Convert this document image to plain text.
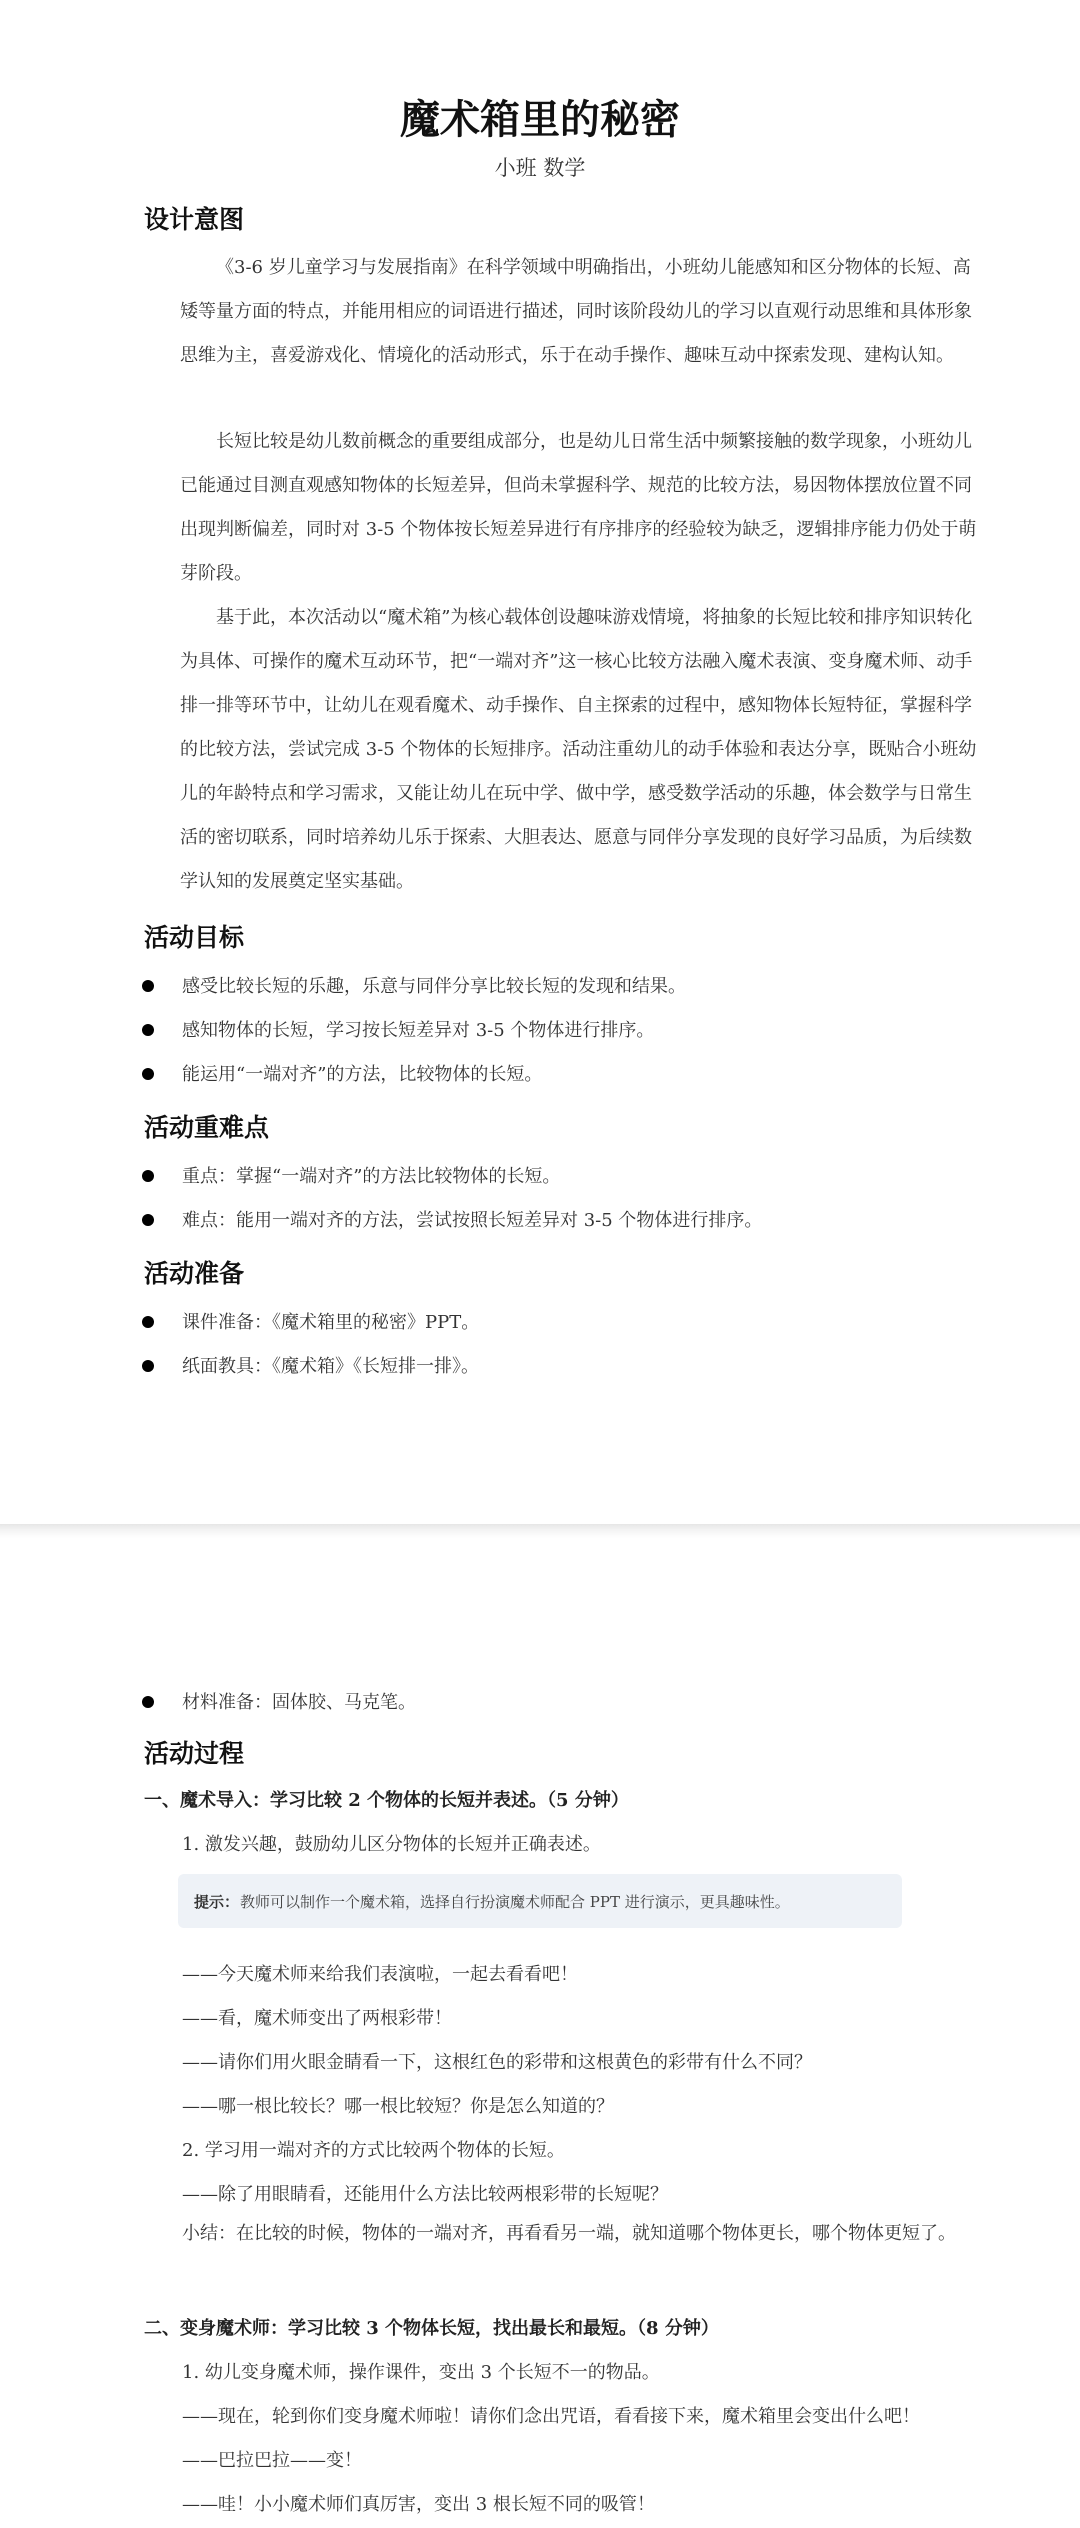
魔术箱里的秘密
小班 数学
设计意图

《3-6 岁儿童学习与发展指南》在科学领域中明确指出，小班幼儿能感知和区分物体的长短、高矮等量方面的特点，并能用相应的词语进行描述，同时该阶段幼儿的学习以直观行动思维和具体形象思维为主，喜爱游戏化、情境化的活动形式，乐于在动手操作、趣味互动中探索发现、建构认知。

长短比较是幼儿数前概念的重要组成部分，也是幼儿日常生活中频繁接触的数学现象，小班幼儿已能通过目测直观感知物体的长短差异，但尚未掌握科学、规范的比较方法，易因物体摆放位置不同出现判断偏差，同时对 3-5 个物体按长短差异进行有序排序的经验较为缺乏，逻辑排序能力仍处于萌芽阶段。

基于此，本次活动以“魔术箱”为核心载体创设趣味游戏情境，将抽象的长短比较和排序知识转化为具体、可操作的魔术互动环节，把“一端对齐”这一核心比较方法融入魔术表演、变身魔术师、动手排一排等环节中，让幼儿在观看魔术、动手操作、自主探索的过程中，感知物体长短特征，掌握科学的比较方法，尝试完成 3-5 个物体的长短排序。活动注重幼儿的动手体验和表达分享，既贴合小班幼儿的年龄特点和学习需求，又能让幼儿在玩中学、做中学，感受数学活动的乐趣，体会数学与日常生活的密切联系，同时培养幼儿乐于探索、大胆表达、愿意与同伴分享发现的良好学习品质，为后续数学认知的发展奠定坚实基础。

活动目标
感受比较长短的乐趣，乐意与同伴分享比较长短的发现和结果。
感知物体的长短，学习按长短差异对 3-5 个物体进行排序。
能运用“一端对齐”的方法，比较物体的长短。
活动重难点
重点：掌握“一端对齐”的方法比较物体的长短。
难点：能用一端对齐的方法，尝试按照长短差异对 3-5 个物体进行排序。
活动准备
课件准备：《魔术箱里的秘密》PPT。
纸面教具：《魔术箱》《长短排一排》。
材料准备：固体胶、马克笔。
活动过程
一、魔术导入：学习比较 2 个物体的长短并表述。（5 分钟）
1. 激发兴趣，鼓励幼儿区分物体的长短并正确表述。
提示： 教师可以制作一个魔术箱，选择自行扮演魔术师配合 PPT 进行演示，更具趣味性。
——今天魔术师来给我们表演啦，一起去看看吧！
——看，魔术师变出了两根彩带！
——请你们用火眼金睛看一下，这根红色的彩带和这根黄色的彩带有什么不同？
——哪一根比较长？哪一根比较短？你是怎么知道的？
2. 学习用一端对齐的方式比较两个物体的长短。
——除了用眼睛看，还能用什么方法比较两根彩带的长短呢？

小结：在比较的时候，物体的一端对齐，再看看另一端，就知道哪个物体更长，哪个物体更短了。

二、变身魔术师：学习比较 3 个物体长短，找出最长和最短。（8 分钟）
1. 幼儿变身魔术师，操作课件，变出 3 个长短不一的物品。
——现在，轮到你们变身魔术师啦！请你们念出咒语，看看接下来，魔术箱里会变出什么吧！
——巴拉巴拉——变！
——哇！小小魔术师们真厉害，变出 3 根长短不同的吸管！
